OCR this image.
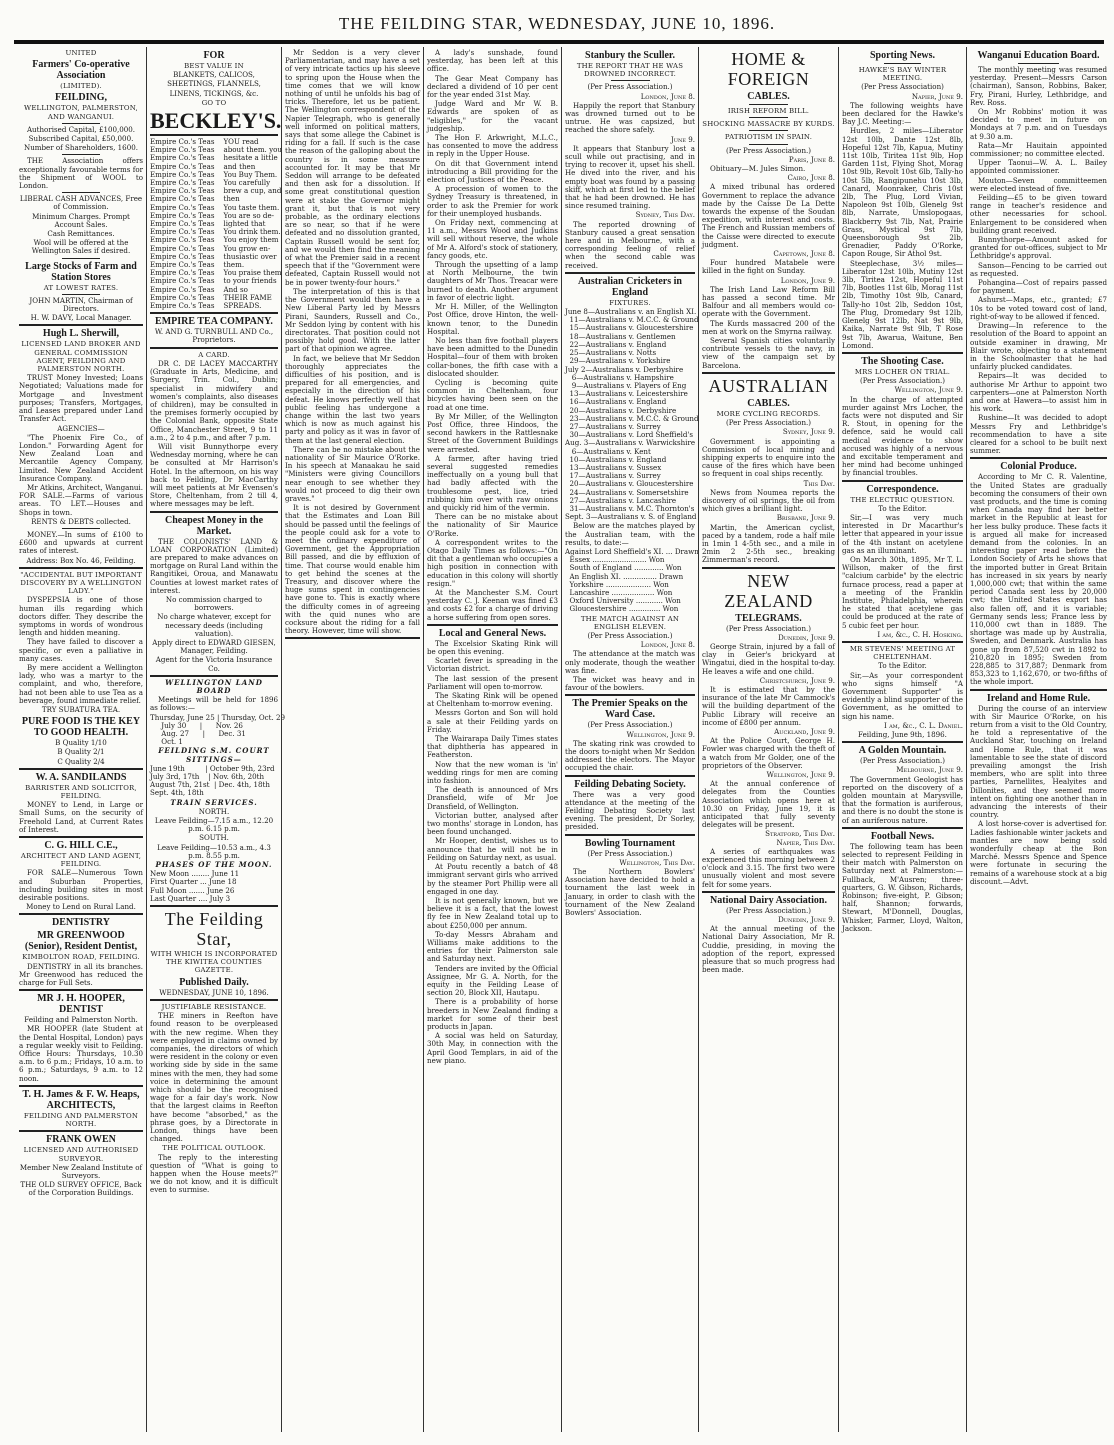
THE FEILDING STAR, WEDNESDAY, JUNE 10, 1896.
UNITED
Farmers' Co-operative Association
(LIMITED).
FEILDING,
WELLINGTON, PALMERSTON, AND WANGANUI.
Authorised Capital, £100,000.
Subscribed Capital, £50,000.
Number of Shareholders, 1600.
THE Association offers exceptionally favourable terms for the Shipment of WOOL to London.
LIBERAL CASH ADVANCES, Free of Commission.
Minimum Charges. Prompt Account Sales.
Cash Remittances.
Wool will be offered at the Wellington Sales if desired.
Large Stocks of Farm and Station Stores
AT LOWEST RATES.
JOHN MARTIN, Chairman of Directors.
H. W. DAVY, Local Manager.
Hugh L. Sherwill,
LICENSED LAND BROKER AND GENERAL COMMISSION AGENT, FEILDING AND PALMERSTON NORTH.
TRUST Money Invested; Loans Negotiated; Valuations made for Mortgage and Investment purposes; Transfers, Mortgages, and Leases prepared under Land Transfer Act.
AGENCIES—
"The Phoenix Fire Co., of London." Forwarding Agent for New Zealand Loan and Mercantile Agency Company, Limited. New Zealand Accident Insurance Company.
Mr Atkins, Architect, Wanganui. FOR SALE.—Farms of various areas. TO LET.—Houses and Shops in town.
RENTS & DEBTS collected.
MONEY.—In sums of £100 to £600 and upwards at current rates of interest.
Address: Box No. 46, Feilding.
"ACCIDENTAL BUT IMPORTANT DISCOVERY BY A WELLINGTON LADY."
DYSPEPSIA is one of those human ills regarding which doctors differ. They describe the symptoms in words of wondrous length and hidden meaning.
They have failed to discover a specific, or even a palliative in many cases.
By mere accident a Wellington lady, who was a martyr to the complaint, and who, therefore, had not been able to use Tea as a beverage, found immediate relief.
TRY SUBATURA TEA.
PURE FOOD IS THE KEY TO GOOD HEALTH.
B Quality 1/10
B Quality 2/1
C Quality 2/4
W. A. SANDILANDS
BARRISTER AND SOLICITOR, FEILDING.
MONEY to Lend, in Large or Small Sums, on the security of Freehold Land, at Current Rates of Interest.
C. G. HILL C.E.,
ARCHITECT AND LAND AGENT, FEILDING.
FOR SALE—Numerous Town and Suburban Properties, including building sites in most desirable positions.
Money to Lend on Rural Land.
DENTISTRY
MR GREENWOOD (Senior), Resident Dentist,
KIMBOLTON ROAD, FEILDING.
DENTISTRY in all its branches. Mr Greenwood has reduced the charge for Full Sets.
MR J. H. HOOPER, DENTIST
Feilding and Palmerston North.
MR HOOPER (late Student at the Dental Hospital, London) pays a regular weekly visit to Feilding. Office Hours: Thursdays, 10.30 a.m. to 6 p.m.; Fridays, 10 a.m. to 6 p.m.; Saturdays, 9 a.m. to 12 noon.
T. H. James & F. W. Heaps, ARCHITECTS,
FEILDING AND PALMERSTON NORTH.
FRANK OWEN
LICENSED AND AUTHORISED SURVEYOR.
Member New Zealand Institute of Surveyors.
THE OLD SURVEY OFFICE, Back of the Corporation Buildings.
FOR
BEST VALUE IN
BLANKETS, CALICOS,
SHEETINGS, FLANNELS,
LINENS, TICKINGS, &c.
GO TO
BECKLEY'S.
Empire Co.'s Teas    YOU read
Empire Co.'s Teas    about them. you
Empire Co.'s Teas    hesitate a little
Empire Co.'s Teas    and then
Empire Co.'s Teas    You Buy Them.
Empire Co.'s Teas    You carefully
Empire Co.'s Teas    brew a cup, and
Empire Co.'s Teas    then
Empire Co.'s Teas    You taste them.
Empire Co.'s Teas    You are so de-
Empire Co.'s Teas    lighted that
Empire Co.'s Teas    You drink them.
Empire Co.'s Teas    You enjoy them
Empire Co.'s Teas    You grow en-
Empire Co.'s Teas    thusiastic over
Empire Co.'s Teas    them.
Empire Co.'s Teas    You praise them
Empire Co.'s Teas    to your friends
Empire Co.'s Teas    And so
Empire Co.'s Teas    THEIR FAME
Empire Co.'s Teas    SPREADS.
EMPIRE TEA COMPANY.
W. AND G. TURNBULL AND Co., Proprietors.
A CARD.
DR C. DE LACEY MACCARTHY (Graduate in Arts, Medicine, and Surgery, Trin. Col., Dublin; specialist in midwifery and women's complaints, also diseases of children), may be consulted in the premises formerly occupied by the Colonial Bank, opposite State Office, Manchester Street, 9 to 11 a.m., 2 to 4 p.m., and after 7 p.m.
Will visit Bunnythorpe every Wednesday morning, where he can be consulted at Mr Harrison's Hotel. In the afternoon, on his way back to Feilding, Dr MacCarthy will meet patients at Mr Evensen's Store, Cheltenham, from 2 till 4, where messages may be left.
Cheapest Money in the Market.
THE COLONISTS' LAND & LOAN CORPORATION (Limited) are prepared to make advances on mortgage on Rural Land within the Rangitikei, Oroua, and Manawatu Counties at lowest market rates of interest.
No commission charged to borrowers.
No charge whatever, except for necessary deeds (including valuation).
Apply direct to EDWARD GIESEN, Manager, Feilding.
Agent for the Victoria Insurance Co.
WELLINGTON LAND BOARD
Meetings will be held for 1896 as follows:—
Thursday, June 25 | Thursday, Oct. 29
July 30      |      Nov. 26
Aug. 27      |      Dec. 31
Oct. 1
FEILDING S.M. COURT SITTINGS—
June 19th         | October 9th, 23rd
July 3rd, 17th    | Nov. 6th, 20th
August 7th, 21st  | Dec. 4th, 18th
Sept. 4th, 18th
TRAIN SERVICES.
NORTH.
Leave Feilding—7.15 a.m., 12.20 p.m. 6.15 p.m.
SOUTH.
Leave Feilding—10.53 a.m., 4.3 p.m. 8.55 p.m.
PHASES OF THE MOON.
New Moon ........ June 11
First Quarter ... June 18
Full Moon ....... June 26
Last Quarter .... July 3
The Feilding Star,
WITH WHICH IS INCORPORATED THE KIWITEA COUNTIES GAZETTE.
Published Daily.
WEDNESDAY, JUNE 10, 1896.
JUSTIFIABLE RESISTANCE.
THE miners in Reefton have found reason to be overpleased with the new regime. When they were employed in claims owned by companies, the directors of which were resident in the colony or even working side by side in the same mines with the men, they had some voice in determining the amount which should be the recognised wage for a fair day's work. Now that the largest claims in Reefton have become "absorbed," as the phrase goes, by a Directorate in London, things have been changed.
THE POLITICAL OUTLOOK.
The reply to the interesting question of "What is going to happen when the House meets?" we do not know, and it is difficult even to surmise.
Mr Seddon is a very clever Parliamentarian, and may have a set of very intricate tactics up his sleeve to spring upon the House when the time comes that we will know nothing of until he unfolds his bag of tricks. Therefore, let us be patient. The Wellington correspondent of the Napier Telegraph, who is generally well informed on political matters, says that some allege the Cabinet is riding for a fall. If such is the case the reason of the galloping about the country is in some measure accounted for. It may be that Mr Seddon will arrange to be defeated and then ask for a dissolution. If some great constitutional question were at stake the Governor might grant it, but that is not very probable, as the ordinary elections are so near, so that if he were defeated and no dissolution granted, Captain Russell would be sent for, and we would then find the meaning of what the Premier said in a recent speech that if the "Government were defeated, Captain Russell would not be in power twenty-four hours."
The interpretation of this is that the Government would then have a New Liberal Party led by Messrs Pirani, Saunders, Russell and Co., Mr Seddon lying by content with his directorates. That position could not possibly hold good. With the latter part of that opinion we agree.
In fact, we believe that Mr Seddon thoroughly appreciates the difficulties of his position, and is prepared for all emergencies, and especially in the direction of his defeat. He knows perfectly well that public feeling has undergone a change within the last two years which is now as much against his party and policy as it was in favor of them at the last general election.
There can be no mistake about the nationality of Sir Maurice O'Rorke. In his speech at Manaakau he said "Ministers were giving Councillors near enough to see whether they would not proceed to dig their own graves."
It is not desired by Government that the Estimates and Loan Bill should be passed until the feelings of the people could ask for a vote to meet the ordinary expenditure of Government, get the Appropriation Bill passed, and die by effluxion of time. That course would enable him to get behind the scenes at the Treasury, and discover where the huge sums spent in contingencies have gone to. This is exactly where the difficulty comes in of agreeing with the quid nunes who are cocksure about the riding for a fall theory. However, time will show.
A lady's sunshade, found yesterday, has been left at this office.
The Gear Meat Company has declared a dividend of 10 per cent for the year ended 31st May.
Judge Ward and Mr W. B. Edwards are spoken of as "eligibles," for the vacant judgeship.
The Hon F. Arkwright, M.L.C., has consented to move the address in reply in the Upper House.
On dit that Government intend introducing a Bill providing for the election of Justices of the Peace.
A procession of women to the Sydney Treasury is threatened, in order to ask the Premier for work for their unemployed husbands.
On Friday next, commencing at 11 a.m., Messrs Wood and Judkins will sell without reserve, the whole of Mr A. Alford's stock of stationery, fancy goods, etc.
Through the upsetting of a lamp at North Melbourne, the twin daughters of Mr Thos. Treacar were burned to death. Another argument in favor of electric light.
Mr H. Miller, of the Wellington Post Office, drove Hinton, the well-known tenor, to the Dunedin Hospital.
No less than five football players have been admitted to the Dunedin Hospital—four of them with broken collar-bones, the fifth case with a dislocated shoulder.
Cycling is becoming quite common in Cheltenham, four bicycles having been seen on the road at one time.
By Mr Miller, of the Wellington Post Office, three Hindoos, the second hawkers in the Rattlesnake Street of the Government Buildings were arrested.
A farmer, after having tried several suggested remedies ineffectually on a young bull that had badly affected with the troublesome pest, lice, tried rubbing him over with raw onions and quickly rid him of the vermin.
There can be no mistake about the nationality of Sir Maurice O'Rorke.
A correspondent writes to the Otago Daily Times as follows:—"On dit that a gentleman who occupies a high position in connection with education in this colony will shortly resign."
At the Manchester S.M. Court yesterday C. J. Keenan was fined £3 and costs £2 for a charge of driving a horse suffering from open sores.
Local and General News.
The Excelsior Skating Rink will be open this evening.
Scarlet fever is spreading in the Victorian district.
The last session of the present Parliament will open to-morrow.
The Skating Rink will be opened at Cheltenham to-morrow evening.
Messrs Gorton and Son will hold a sale at their Feilding yards on Friday.
The Wairarapa Daily Times states that diphtheria has appeared in Featherston.
Now that the new woman is 'in' wedding rings for men are coming into fashion.
The death is announced of Mrs Dransfield, wife of Mr Joe Dransfield, of Wellington.
Victorian butter, analysed after two months' storage in London, has been found unchanged.
Mr Hooper, dentist, wishes us to announce that he will not be in Feilding on Saturday next, as usual.
At Poutu recently a batch of 48 immigrant servant girls who arrived by the steamer Port Phillip were all engaged in one day.
It is not generally known, but we believe it is a fact, that the lowest fly fee in New Zealand total up to about £250,000 per annum.
To-day Messrs Abraham and Williams make additions to the entries for their Palmerston sale and Saturday next.
Tenders are invited by the Official Assignee, Mr G. A. North, for the equity in the Feilding Lease of section 20, Block XII, Hautapu.
There is a probability of horse breeders in New Zealand finding a market for some of their best products in Japan.
A social was held on Saturday, 30th May, in connection with the April Good Templars, in aid of the new piano.
Stanbury the Sculler.
THE REPORT THAT HE WAS DROWNED INCORRECT.
(Per Press Association.)
London, June 8.
Happily the report that Stanbury was drowned turned out to be untrue. He was capsized, but reached the shore safely.
June 9.
It appears that Stanbury lost a scull while out practising, and in trying to recover it, upset his shell. He dived into the river, and his empty boat was found by a passing skiff, which at first led to the belief that he had been drowned. He has since resumed training.
Sydney, This Day.
The reported drowning of Stanbury caused a great sensation here and in Melbourne, with a corresponding feeling of relief when the second cable was received.
Australian Cricketers in England
FIXTURES.
June 8—Australians v. an English XI.
11—Australians v. M.C.C. & Ground
15—Australians v. Gloucestershire
18—Australians v. Gentlemen
22—Australians v. England
25—Australians v. Notts
29—Australians v. Yorkshire
July 2—Australians v. Derbyshire
6—Australians v. Hampshire
9—Australians v. Players of Eng
13—Australians v. Leicestershire
16—Australians v. England
20—Australians v. Derbyshire
23—Australians v. M.C.C. & Ground
27—Australians v. Surrey
30—Australians v. Lord Sheffield's
Aug. 3—Australians v. Warwickshire
6—Australians v. Kent
10—Australians v. England
13—Australians v. Sussex
17—Australians v. Surrey
20—Australians v. Gloucestershire
24—Australians v. Somersetshire
27—Australians v. Lancashire
31—Australians v. M.C. Thornton's
Sept. 3—Australians v. S. of England
Below are the matches played by the Australian team, with the results, to date:—
Against Lord Sheffield's XI. ... Drawn
Essex ........................ Won
South of England ............. Won
An English XI. ............... Drawn
Yorkshire .................... Won
Lancashire ................... Won
Oxford University ............ Won
Gloucestershire .............. Won
THE MATCH AGAINST AN ENGLISH ELEVEN.
(Per Press Association.)
London, June 8.
The attendance at the match was only moderate, though the weather was fine.
The wicket was heavy and in favour of the bowlers.
The Premier Speaks on the Ward Case.
(Per Press Association.)
Wellington, June 9.
The skating rink was crowded to the doors to-night when Mr Seddon addressed the electors. The Mayor occupied the chair.
Feilding Debating Society.
There was a very good attendance at the meeting of the Feilding Debating Society last evening. The president, Dr Sorley, presided.
Bowling Tournament
(Per Press Association.)
Wellington, This Day.
The Northern Bowlers' Association have decided to hold a tournament the last week in January, in order to clash with the tournament of the New Zealand Bowlers' Association.
HOME & FOREIGN
CABLES.
IRISH REFORM BILL.
SHOCKING MASSACRE BY KURDS.
PATRIOTISM IN SPAIN.
(Per Press Association.)
Paris, June 8.
Obituary—M. Jules Simon.
Cairo, June 8.
A mixed tribunal has ordered Government to replace the advance made by the Caisse De La Dette towards the expense of the Soudan expedition, with interest and costs. The French and Russian members of the Caisse were directed to execute judgment.
Capetown, June 8.
Four hundred Matabele were killed in the fight on Sunday.
London, June 9.
The Irish Land Law Reform Bill has passed a second time. Mr Balfour and all members would co-operate with the Government.
The Kurds massacred 200 of the men at work on the Smyrna railway.
Several Spanish cities voluntarily contribute vessels to the navy, in view of the campaign set by Barcelona.
AUSTRALIAN
CABLES.
MORE CYCLING RECORDS.
(Per Press Association.)
Sydney, June 9.
Government is appointing a Commission of local mining and shipping experts to enquire into the cause of the fires which have been so frequent in coal ships recently.
This Day.
News from Noumea reports the discovery of oil springs, the oil from which gives a brilliant light.
Brisbane, June 9.
Martin, the American cyclist, paced by a tandem, rode a half mile in 1min 1 4-5th sec., and a mile in 2min 2 2-5th sec., breaking Zimmerman's record.
NEW ZEALAND
TELEGRAMS.
(Per Press Association.)
Dunedin, June 9.
George Strain, injured by a fall of clay in Geier's brickyard at Wingatui, died in the hospital to-day. He leaves a wife and one child.
Christchurch, June 9.
It is estimated that by the insurance of the late Mr Cammock's will the building department of the Public Library will receive an income of £800 per annum.
Auckland, June 9.
At the Police Court, George H. Fowler was charged with the theft of a watch from Mr Golder, one of the proprietors of the Observer.
Wellington, June 9.
At the annual conference of delegates from the Counties Association which opens here at 10.30 on Friday, June 19, it is anticipated that fully seventy delegates will be present.
Stratford, This Day.
Napier, This Day.
A series of earthquakes was experienced this morning between 2 o'clock and 3.15. The first two were unusually violent and most severe felt for some years.
National Dairy Association.
(Per Press Association.)
Dunedin, June 9.
At the annual meeting of the National Dairy Association, Mr R. Cuddie, presiding, in moving the adoption of the report, expressed pleasure that so much progress had been made.
Sporting News.
HAWKE'S BAY WINTER MEETING.
(Per Press Association)
Napier, June 9.
The following weights have been declared for the Hawke's Bay J.C. Meeting:—
Hurdles, 2 miles—Liberator 12st 10lb, Dante 12st 8lb, Hopeful 12st 7lb, Kapua, Mutiny 11st 10lb, Tiritea 11st 9lb, Hop Garden 11st, Flying Shot, Morag 10st 9lb, Revolt 10st 6lb, Tally-ho 10st 5lb, Rangipunehu 10st 3lb, Canard, Moonraker, Chris 10st 2lb, The Plug, Lord Vivian, Napoleon 9st 10lb, Glenelg 9st 8lb, Narrate, Umslopogaas, Blackberry 9st 7lb, Nat, Prairie Grass, Mystical 9st 7lb, Queensborough 9st 2lb, Grenadier, Paddy O'Rorke, Capon Rouge, Sir Athol 9st.
Steeplechase, 3½ miles—Liberator 12st 10lb, Mutiny 12st 3lb, Tiritea 12st, Hopeful 11st 7lb, Bootles 11st 6lb, Morag 11st 2lb, Timothy 10st 9lb, Canard, Tally-ho 10st 2lb, Seddon 10st, The Plug, Dromedary 9st 12lb, Glenelg 9st 12lb, Nat 9st 9lb, Kaika, Narrate 9st 9lb, T Rose 9st 7lb, Awarua, Waitune, Ben Lomond.
The Shooting Case.
MRS LOCHER ON TRIAL.
(Per Press Association.)
Wellington, June 9.
In the charge of attempted murder against Mrs Locher, the facts were not disputed and Sir R. Stout, in opening for the defence, said he would call medical evidence to show accused was highly of a nervous and excitable temperament and her mind had become unhinged by financial troubles.
Correspondence.
THE ELECTRIC QUESTION.
To the Editor.
Sir,—I was very much interested in Dr Macarthur's letter that appeared in your issue of the 4th instant on acetylene gas as an illuminant.
On March 30th, 1895, Mr T. L. Willson, maker of the first "calcium carbide" by the electric furnace process, read a paper at a meeting of the Franklin Institute, Philadelphia, wherein he stated that acetylene gas could be produced at the rate of 5 cubic feet per hour.
I am, &c., C. H. Hosking.
MR STEVENS' MEETING AT CHELTENHAM.
To the Editor.
Sir,—As your correspondent who signs himself "A Government Supporter" is evidently a blind supporter of the Government, as he omitted to sign his name.
I am, &c., C. L. Daniel.
Feilding, June 9th, 1896.
A Golden Mountain.
(Per Press Association.)
Melbourne, June 9.
The Government Geologist has reported on the discovery of a golden mountain at Marysville, that the formation is auriferous, and there is no doubt the stone is of an auriferous nature.
Football News.
The following team has been selected to represent Feilding in their match with Palmerston on Saturday next at Palmerston:—Fullback, M'Ausren; three-quarters, G. W. Gibson, Richards, Robinson; five-eight, P. Gibson; half, Shannon; forwards, Stewart, M'Donnell, Douglas, Whisker, Farmer, Lloyd, Walton, Jackson.
Wanganui Education Board.
The monthly meeting was resumed yesterday. Present—Messrs Carson (chairman), Sanson, Robbins, Baker, Fry, Pirani, Hurley, Lethbridge, and Rev. Ross.
On Mr Robbins' motion it was decided to meet in future on Mondays at 7 p.m. and on Tuesdays at 9.30 a.m.
Rata—Mr Hauitain appointed commissioner; no committee elected.
Upper Taonui—W. A. L. Bailey appointed commissioner.
Mouton—Seven committeemen were elected instead of five.
Feilding—£5 to be given toward range in teacher's residence and other necessaries for school. Enlargement to be considered when building grant received.
Bunnythorpe—Amount asked for granted for out-offices, subject to Mr Lethbridge's approval.
Sanson—Fencing to be carried out as requested.
Pohangina—Cost of repairs passed for payment.
Ashurst—Maps, etc., granted; £7 10s to be voted toward cost of land, right-of-way to be allowed if fenced.
Drawing—In reference to the resolution of the Board to appoint an outside examiner in drawing, Mr Blair wrote, objecting to a statement in the Schoolmaster that he had unfairly plucked candidates.
Repairs—It was decided to authorise Mr Arthur to appoint two carpenters—one at Palmerston North and one at Hawera—to assist him in his work.
Rushine—It was decided to adopt Messrs Fry and Lethbridge's recommendation to have a site cleared for a school to be built next summer.
Colonial Produce.
According to Mr C. R. Valentine, the United States are gradually becoming the consumers of their own vast products, and the time is coming when Canada may find her better market in the Republic at least for her less bulky produce. These facts it is argued all make for increased demand from the colonies. In an interesting paper read before the London Society of Arts he shows that the imported butter in Great Britain has increased in six years by nearly 1,000,000 cwt; that within the same period Canada sent less by 20,000 cwt; the United States export has also fallen off, and it is variable; Germany sends less; France less by 110,000 cwt than in 1889. The shortage was made up by Australia, Sweden, and Denmark. Australia has gone up from 87,520 cwt in 1892 to 210,820 in 1895; Sweden from 228,885 to 317,887; Denmark from 853,323 to 1,162,670, or two-fifths of the whole import.
Ireland and Home Rule.
During the course of an interview with Sir Maurice O'Rorke, on his return from a visit to the Old Country, he told a representative of the Auckland Star, touching on Ireland and Home Rule, that it was lamentable to see the state of discord prevailing amongst the Irish members, who are split into three parties, Parnellites, Healyites and Dillonites, and they seemed more intent on fighting one another than in advancing the interests of their country.
A lost horse-cover is advertised for. Ladies fashionable winter jackets and mantles are now being sold wonderfully cheap at the Bon Marché. Messrs Spence and Spence were fortunate in securing the remains of a warehouse stock at a big discount.—Advt.
